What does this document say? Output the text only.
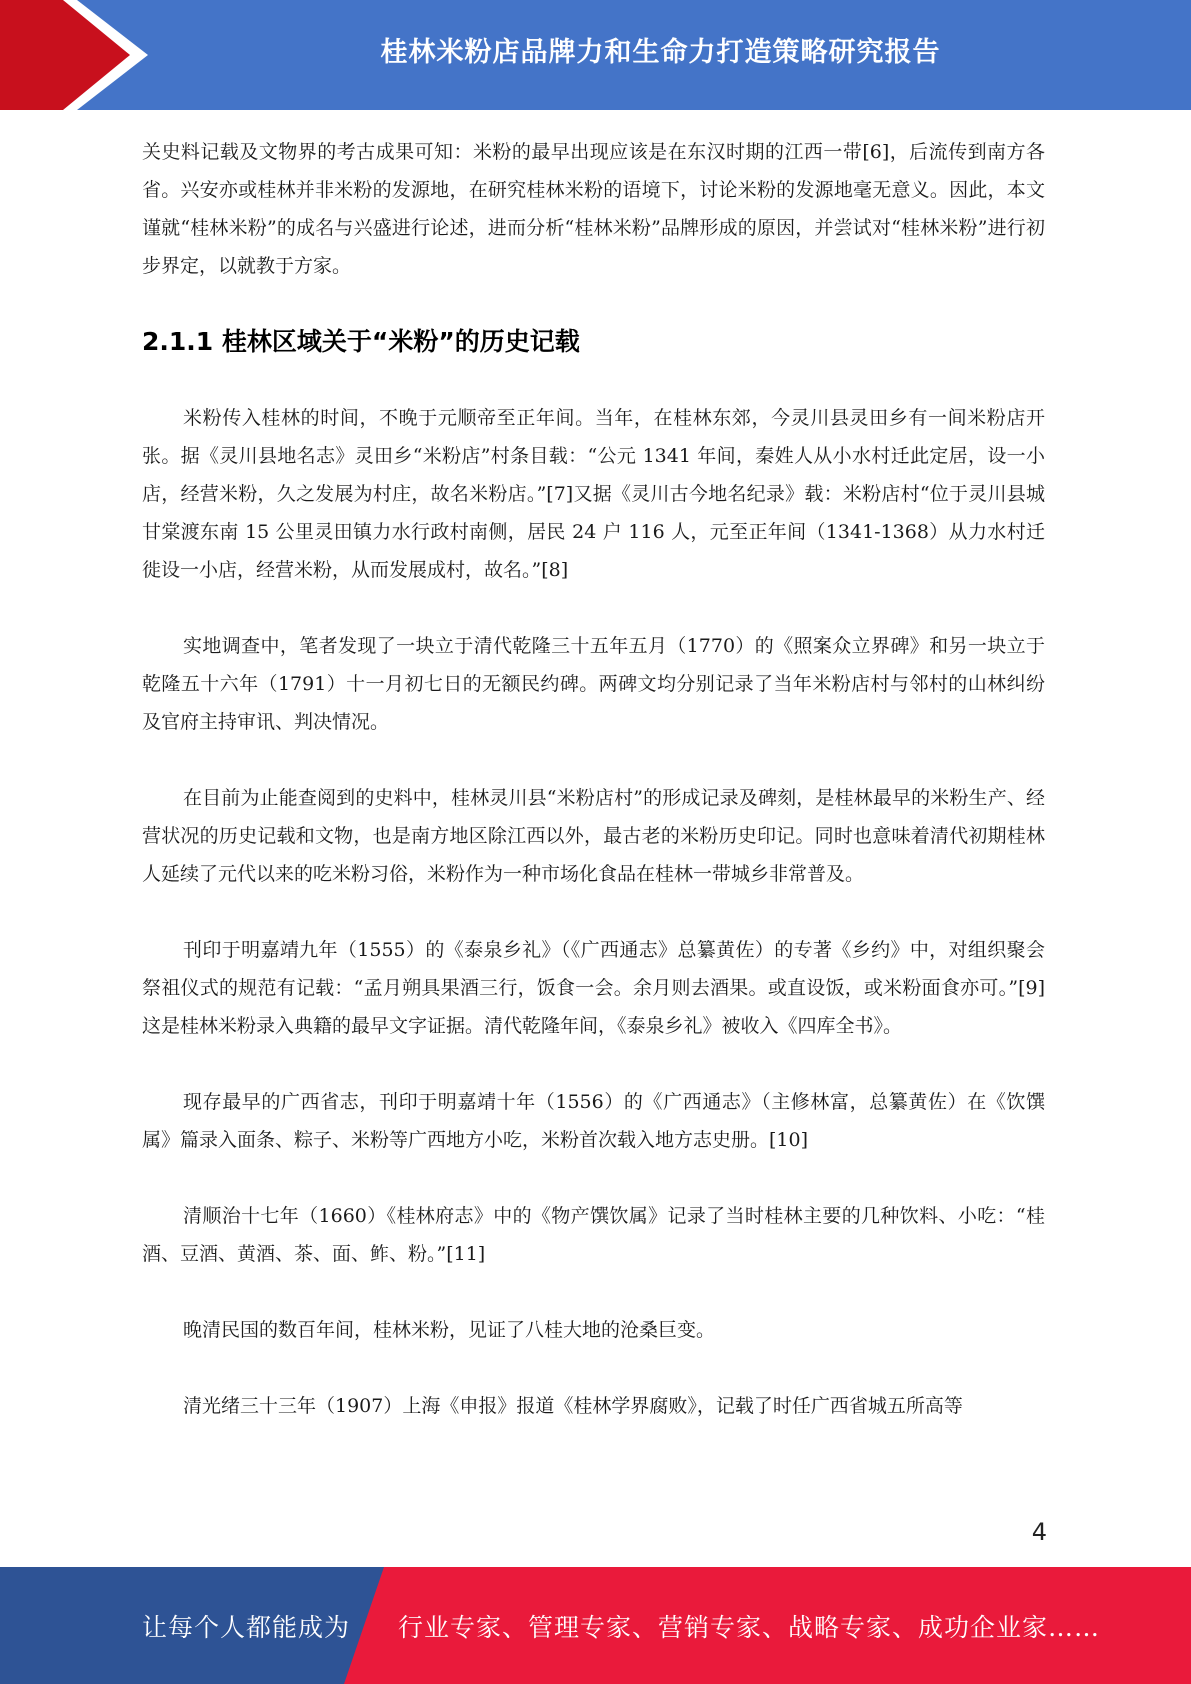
桂林米粉店品牌力和生命力打造策略研究报告

关史料记载及文物界的考古成果可知：米粉的最早出现应该是在东汉时期的江西一带[6]，后流传到南方各省。兴安亦或桂林并非米粉的发源地，在研究桂林米粉的语境下，讨论米粉的发源地毫无意义。因此，本文谨就“桂林米粉”的成名与兴盛进行论述，进而分析“桂林米粉”品牌形成的原因，并尝试对“桂林米粉”进行初步界定，以就教于方家。

2.1.1 桂林区域关于“米粉”的历史记载

米粉传入桂林的时间，不晚于元顺帝至正年间。当年，在桂林东郊，今灵川县灵田乡有一间米粉店开张。据《灵川县地名志》灵田乡“米粉店”村条目载：“公元 1341 年间，秦姓人从小水村迁此定居，设一小店，经营米粉，久之发展为村庄，故名米粉店。”[7]又据《灵川古今地名纪录》载：米粉店村“位于灵川县城甘棠渡东南 15 公里灵田镇力水行政村南侧，居民 24 户 116 人，元至正年间（1341-1368）从力水村迁徙设一小店，经营米粉，从而发展成村，故名。”[8]

实地调查中，笔者发现了一块立于清代乾隆三十五年五月（1770）的《照案众立界碑》和另一块立于乾隆五十六年（1791）十一月初七日的无额民约碑。两碑文均分别记录了当年米粉店村与邻村的山林纠纷及官府主持审讯、判决情况。

在目前为止能查阅到的史料中，桂林灵川县“米粉店村”的形成记录及碑刻，是桂林最早的米粉生产、经营状况的历史记载和文物，也是南方地区除江西以外，最古老的米粉历史印记。同时也意味着清代初期桂林人延续了元代以来的吃米粉习俗，米粉作为一种市场化食品在桂林一带城乡非常普及。

刊印于明嘉靖九年（1555）的《泰泉乡礼》（《广西通志》总纂黄佐）的专著《乡约》中，对组织聚会祭祖仪式的规范有记载：“孟月朔具果酒三行，饭食一会。余月则去酒果。或直设饭，或米粉面食亦可。”[9]这是桂林米粉录入典籍的最早文字证据。清代乾隆年间，《泰泉乡礼》被收入《四库全书》。

现存最早的广西省志，刊印于明嘉靖十年（1556）的《广西通志》（主修林富，总纂黄佐）在《饮馔属》篇录入面条、粽子、米粉等广西地方小吃，米粉首次载入地方志史册。[10]

清顺治十七年（1660）《桂林府志》中的《物产馔饮属》记录了当时桂林主要的几种饮料、小吃：“桂酒、豆酒、黄酒、茶、面、鲊、粉。”[11]

晚清民国的数百年间，桂林米粉，见证了八桂大地的沧桑巨变。

清光绪三十三年（1907）上海《申报》报道《桂林学界腐败》，记载了时任广西省城五所高等

4
让每个人都能成为 行业专家、管理专家、营销专家、战略专家、成功企业家……
